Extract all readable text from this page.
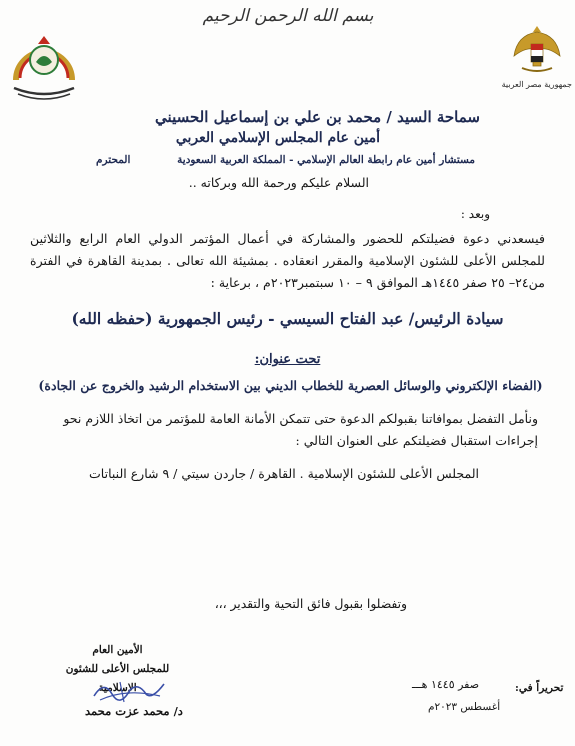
بسم الله الرحمن الرحيم
جمهورية مصر العربية
سماحة السيد / محمد بن علي بن إسماعيل الحسيني
أمين عام المجلس الإسلامي العربي
مستشار أمين عام رابطة العالم الإسلامي - المملكة العربية السعودية
المحترم
السلام عليكم ورحمة الله وبركاته ..
وبعد :
فيسعدني دعوة فضيلتكم للحضور والمشاركة في أعمال المؤتمر الدولي العام الرابع والثلاثين للمجلس الأعلى للشئون الإسلامية والمقرر انعقاده . بمشيئة الله تعالى . بمدينة القاهرة في الفترة من٢٤– ٢٥ صفر ١٤٤٥هـ الموافق ٩ – ١٠ سبتمبر٢٠٢٣م ، برعاية :
سيادة الرئيس/ عبد الفتاح السيسي - رئيس الجمهورية (حفظه الله)
تحت عنوان:
(الفضاء الإلكتروني والوسائل العصرية للخطاب الديني بين الاستخدام الرشيد والخروج عن الجادة)
ونأمل التفضل بموافاتنا بقبولكم الدعوة حتى تتمكن الأمانة العامة للمؤتمر من اتخاذ اللازم نحو إجراءات استقبال فضيلتكم على العنوان التالي :
المجلس الأعلى للشئون الإسلامية . القاهرة / جاردن سيتي / ٩ شارع النباتات
وتفضلوا بقبول فائق التحية والتقدير ،،،
الأمين العام
للمجلس الأعلى للشئون الإسلامية
د/ محمد عزت محمد
تحريراً في:
صفر ١٤٤٥ هـــ
أغسطس ٢٠٢٣م
